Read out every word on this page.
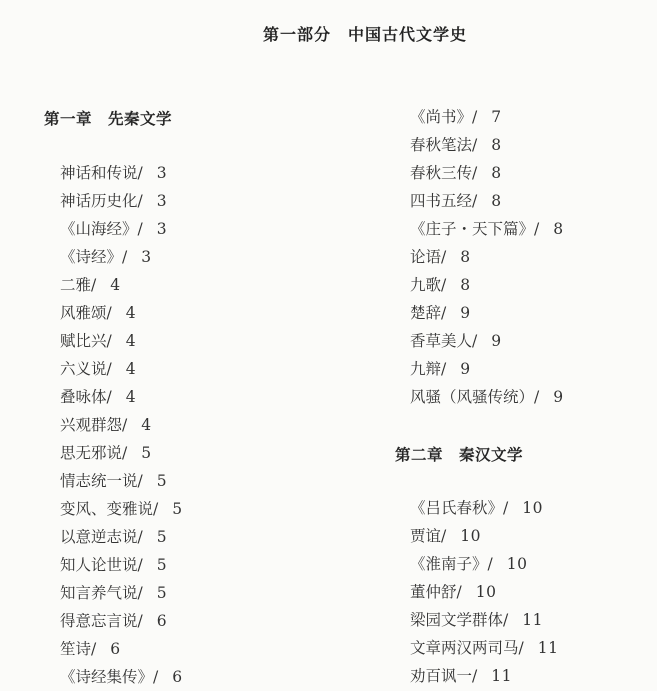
第一部分　中国古代文学史
第一章　先秦文学
神话和传说/ 3
神话历史化/ 3
《山海经》/ 3
《诗经》/ 3
二雅/ 4
风雅颂/ 4
赋比兴/ 4
六义说/ 4
叠咏体/ 4
兴观群怨/ 4
思无邪说/ 5
情志统一说/ 5
变风、变雅说/ 5
以意逆志说/ 5
知人论世说/ 5
知言养气说/ 5
得意忘言说/ 6
笙诗/ 6
《诗经集传》/ 6
《尚书》/ 7
春秋笔法/ 8
春秋三传/ 8
四书五经/ 8
《庄子・天下篇》/ 8
论语/ 8
九歌/ 8
楚辞/ 9
香草美人/ 9
九辩/ 9
风骚（风骚传统）/ 9
第二章　秦汉文学
《吕氏春秋》/ 10
贾谊/ 10
《淮南子》/ 10
董仲舒/ 10
梁园文学群体/ 11
文章两汉两司马/ 11
劝百讽一/ 11
